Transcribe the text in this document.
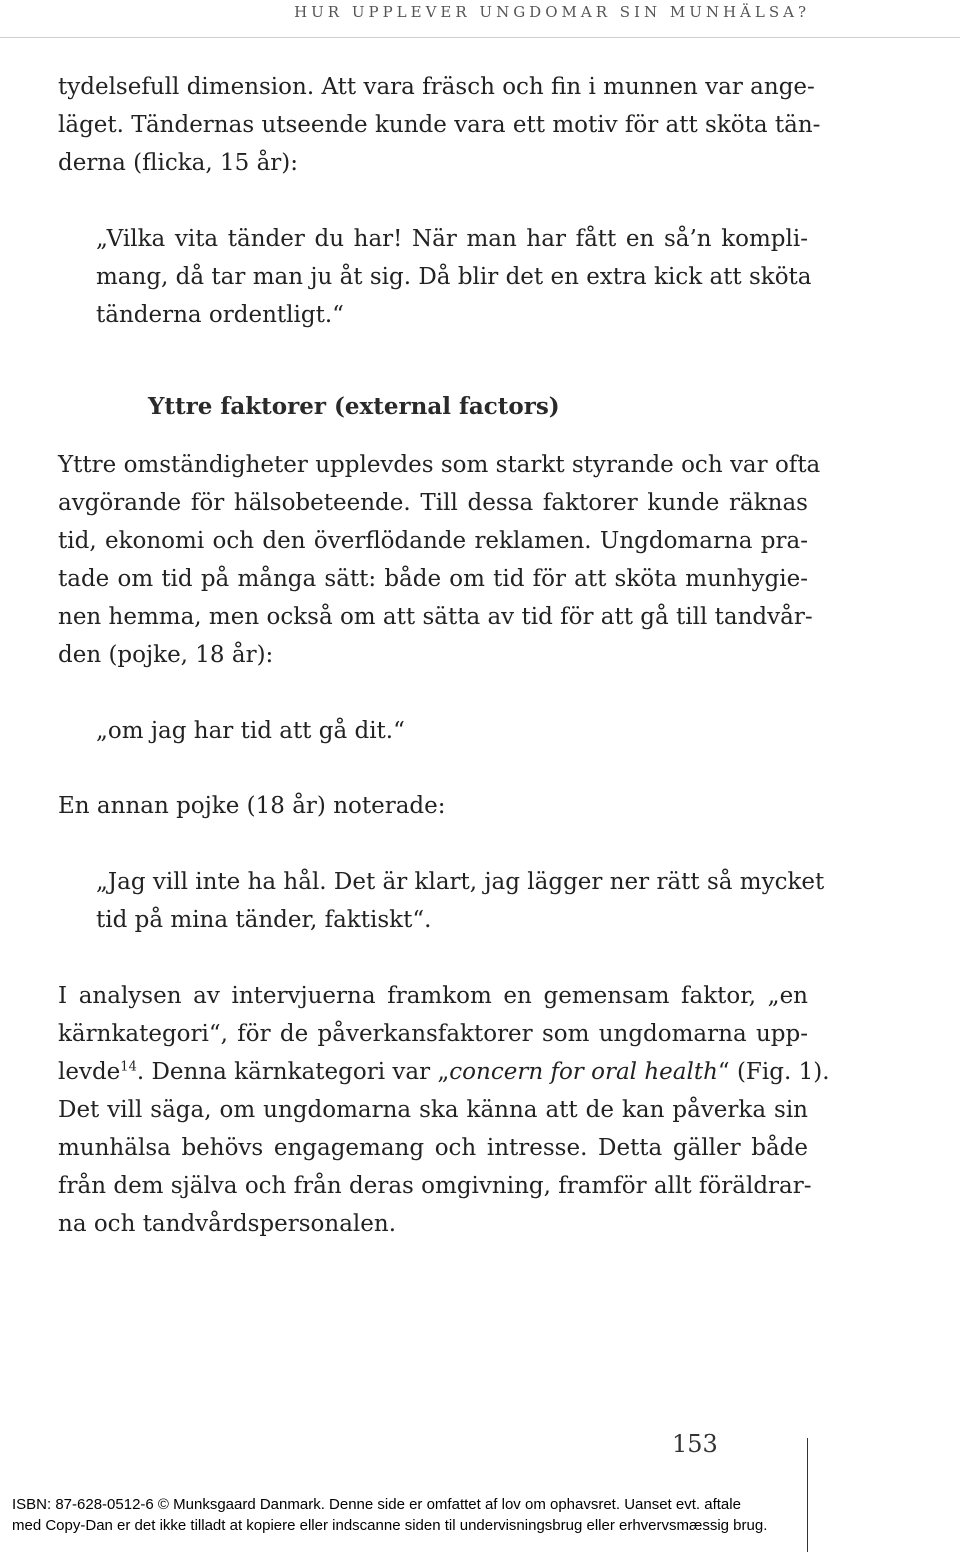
HUR UPPLEVER UNGDOMAR SIN MUNHÄLSA?
tydelsefull dimension. Att vara fräsch och fin i munnen var ange-
läget. Tändernas utseende kunde vara ett motiv för att sköta tän-
derna (flicka, 15 år):
„Vilka vita tänder du har! När man har fått en så’n kompli-
mang, då tar man ju åt sig. Då blir det en extra kick att sköta
tänderna ordentligt.“
Yttre faktorer (external factors)
Yttre omständigheter upplevdes som starkt styrande och var ofta
avgörande för hälsobeteende. Till dessa faktorer kunde räknas
tid, ekonomi och den överflödande reklamen. Ungdomarna pra-
tade om tid på många sätt: både om tid för att sköta munhygie-
nen hemma, men också om att sätta av tid för att gå till tandvår-
den (pojke, 18 år):
„om jag har tid att gå dit.“
En annan pojke (18 år) noterade:
„Jag vill inte ha hål. Det är klart, jag lägger ner rätt så mycket
tid på mina tänder, faktiskt“.
I analysen av intervjuerna framkom en gemensam faktor, „en
kärnkategori“, för de påverkansfaktorer som ungdomarna upp-
levde$^{14}$. Denna kärnkategori var „concern for oral health“ (Fig. 1).
Det vill säga, om ungdomarna ska känna att de kan påverka sin
munhälsa behövs engagemang och intresse. Detta gäller både
från dem själva och från deras omgivning, framför allt föräldrar-
na och tandvårdspersonalen.
153
ISBN: 87-628-0512-6 © Munksgaard Danmark. Denne side er omfattet af lov om ophavsret. Uanset evt. aftale
med Copy-Dan er det ikke tilladt at kopiere eller indscanne siden til undervisningsbrug eller erhvervsmæssig brug.
